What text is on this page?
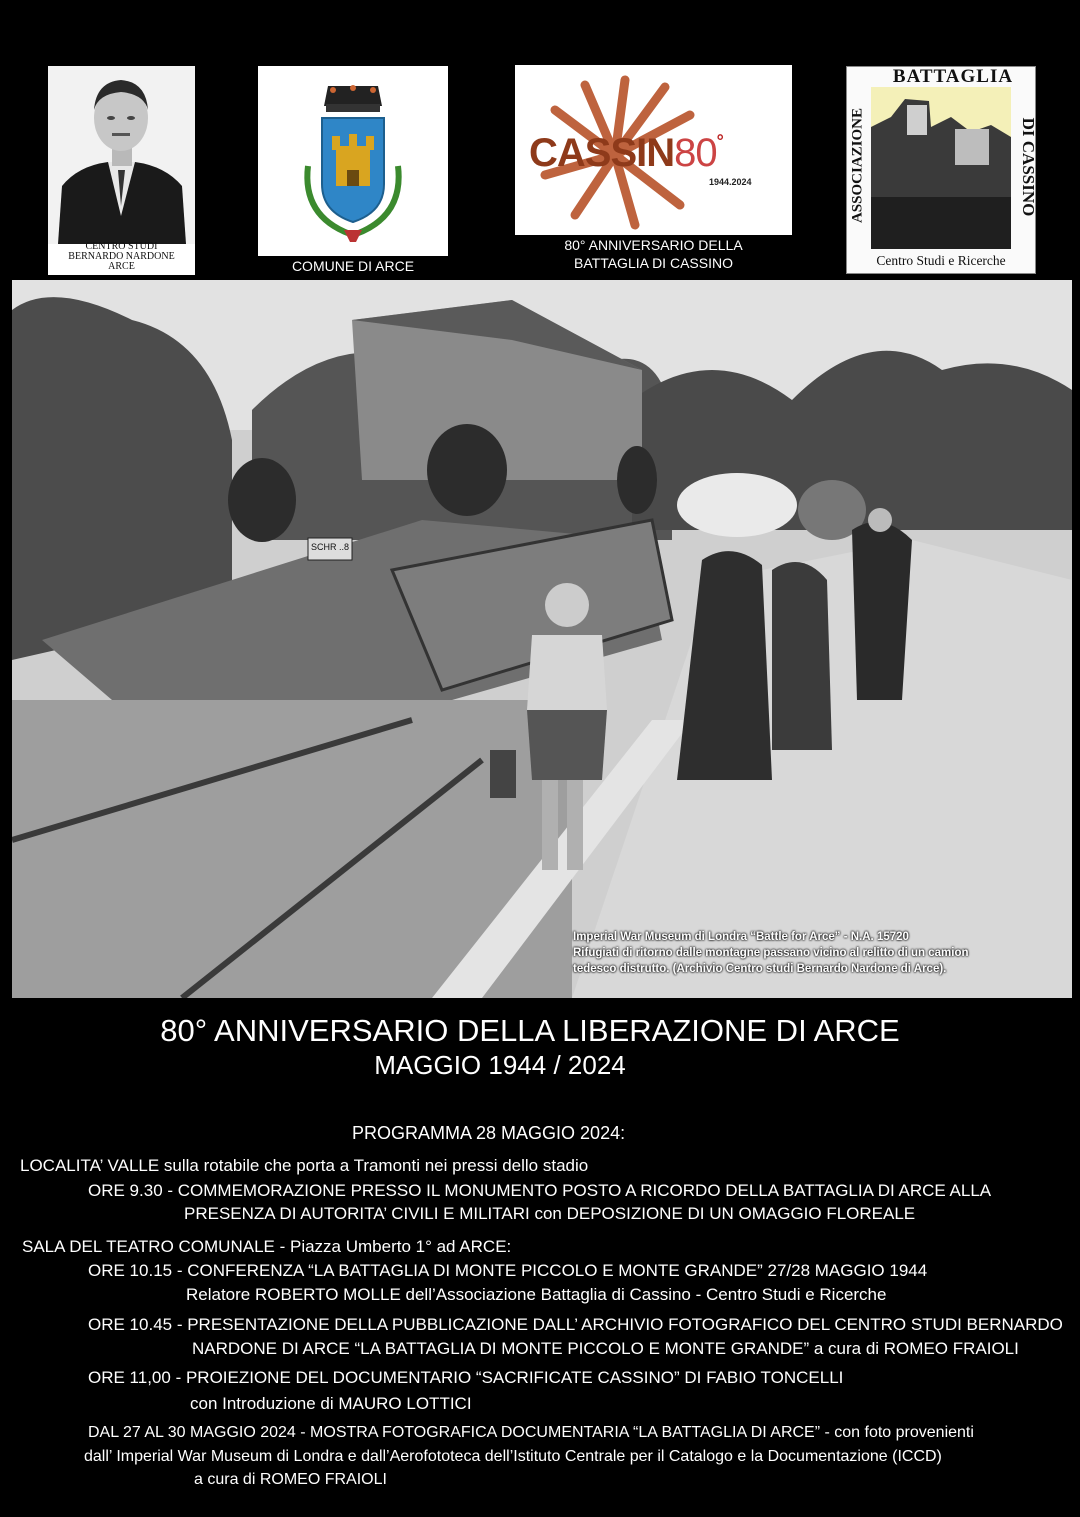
CENTRO STUDI
BERNARDO NARDONE
ARCE	COMUNE DI ARCE
CASSIN80°
1944.2024
80° ANNIVERSARIO DELLA
BATTAGLIA DI CASSINO
BATTAGLIA
ASSOCIAZIONE	DI CASSINO
Centro Studi e Ricerche
SCHR ..8
Imperial War Museum di Londra “Battle for Arce” - N.A. 15720
Rifugiati di ritorno dalle montagne passano vicino al relitto di un camion
tedesco distrutto. (Archivio Centro studi Bernardo Nardone di Arce).
80° ANNIVERSARIO DELLA LIBERAZIONE DI ARCE
MAGGIO 1944 / 2024
PROGRAMMA 28 MAGGIO 2024:
LOCALITA’ VALLE sulla rotabile che porta a Tramonti nei pressi dello stadio
ORE 9.30 - COMMEMORAZIONE PRESSO IL MONUMENTO POSTO A RICORDO DELLA BATTAGLIA DI ARCE ALLA
PRESENZA DI AUTORITA’ CIVILI E MILITARI con DEPOSIZIONE DI UN OMAGGIO FLOREALE
SALA DEL TEATRO COMUNALE - Piazza Umberto 1° ad ARCE:
ORE 10.15 - CONFERENZA “LA BATTAGLIA DI MONTE PICCOLO E MONTE GRANDE” 27/28 MAGGIO 1944
Relatore ROBERTO MOLLE dell’Associazione Battaglia di Cassino - Centro Studi e Ricerche
ORE 10.45 - PRESENTAZIONE DELLA PUBBLICAZIONE DALL’ ARCHIVIO FOTOGRAFICO DEL CENTRO STUDI BERNARDO
NARDONE DI ARCE “LA BATTAGLIA DI MONTE PICCOLO E MONTE GRANDE” a cura di ROMEO FRAIOLI
ORE 11,00 - PROIEZIONE DEL DOCUMENTARIO “SACRIFICATE CASSINO” DI FABIO TONCELLI
con Introduzione di MAURO LOTTICI
DAL 27 AL 30 MAGGIO 2024 - MOSTRA FOTOGRAFICA DOCUMENTARIA “LA BATTAGLIA DI ARCE” - con foto provenienti
dall’ Imperial War Museum di Londra e dall’Aerofototeca dell’Istituto Centrale per il Catalogo e la Documentazione (ICCD)
a cura di ROMEO FRAIOLI
